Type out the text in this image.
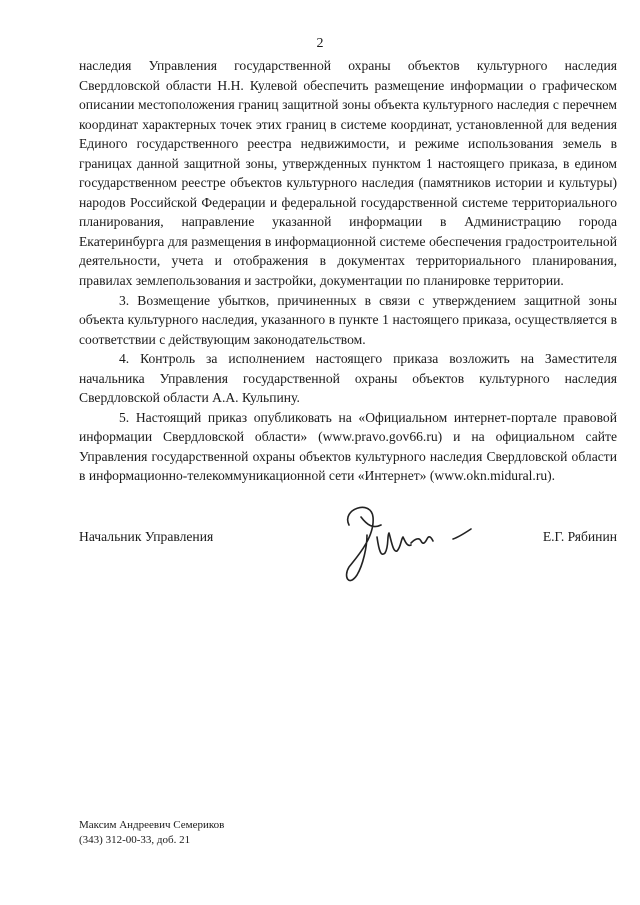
2

наследия Управления государственной охраны объектов культурного наследия Свердловской области Н.Н. Кулевой обеспечить размещение информации о графическом описании местоположения границ защитной зоны объекта культурного наследия с перечнем координат характерных точек этих границ в системе координат, установленной для ведения Единого государственного реестра недвижимости, и режиме использования земель в границах данной защитной зоны, утвержденных пунктом 1 настоящего приказа, в едином государственном реестре объектов культурного наследия (памятников истории и культуры) народов Российской Федерации и федеральной государственной системе территориального планирования, направление указанной информации в Администрацию города Екатеринбурга для размещения в информационной системе обеспечения градостроительной деятельности, учета и отображения в документах территориального планирования, правилах землепользования и застройки, документации по планировке территории.

3. Возмещение убытков, причиненных в связи с утверждением защитной зоны объекта культурного наследия, указанного в пункте 1 настоящего приказа, осуществляется в соответствии с действующим законодательством.

4. Контроль за исполнением настоящего приказа возложить на Заместителя начальника Управления государственной охраны объектов культурного наследия Свердловской области А.А. Кульпину.

5. Настоящий приказ опубликовать на «Официальном интернет-портале правовой информации Свердловской области» (www.pravo.gov66.ru) и на официальном сайте Управления государственной охраны объектов культурного наследия Свердловской области в информационно-телекоммуникационной сети «Интернет» (www.okn.midural.ru).

Начальник Управления	Е.Г. Рябинин
Максим Андреевич Семериков
(343) 312-00-33, доб. 21
